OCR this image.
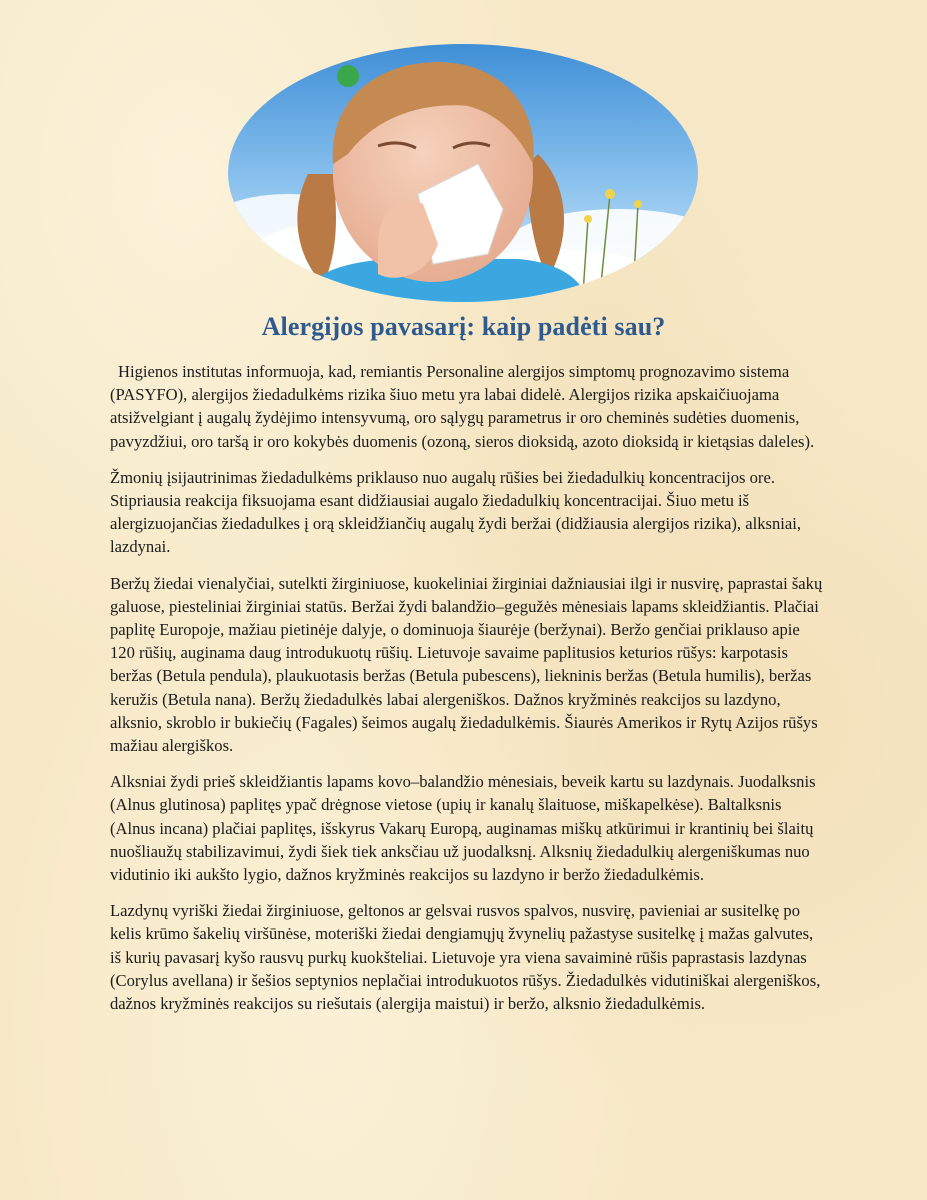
Alergijos pavasarį: kaip padėti sau?

Higienos institutas informuoja, kad, remiantis Personaline alergijos simptomų prognozavimo sistema (PASYFO), alergijos žiedadulkėms rizika šiuo metu yra labai didelė. Alergijos rizika apskaičiuojama atsižvelgiant į augalų žydėjimo intensyvumą, oro sąlygų parametrus ir oro cheminės sudėties duomenis, pavyzdžiui, oro taršą ir oro kokybės duomenis (ozoną, sieros dioksidą, azoto dioksidą ir kietąsias daleles).

Žmonių įsijautrinimas žiedadulkėms priklauso nuo augalų rūšies bei žiedadulkių koncentracijos ore. Stipriausia reakcija fiksuojama esant didžiausiai augalo žiedadulkių koncentracijai. Šiuo metu iš alergizuojančias žiedadulkes į orą skleidžiančių augalų žydi beržai (didžiausia alergijos rizika), alksniai, lazdynai.

Beržų žiedai vienalyčiai, sutelkti žirginiuose, kuokeliniai žirginiai dažniausiai ilgi ir nusvirę, paprastai šakų galuose, piesteliniai žirginiai statūs. Beržai žydi balandžio–gegužės mėnesiais lapams skleidžiantis. Plačiai paplitę Europoje, mažiau pietinėje dalyje, o dominuoja šiaurėje (beržynai). Beržo genčiai priklauso apie 120 rūšių, auginama daug introdukuotų rūšių. Lietuvoje savaime paplitusios keturios rūšys: karpotasis beržas (Betula pendula), plaukuotasis beržas (Betula pubescens), liekninis beržas (Betula humilis), beržas keružis (Betula nana). Beržų žiedadulkės labai alergeniškos. Dažnos kryžminės reakcijos su lazdyno, alksnio, skroblo ir bukiečių (Fagales) šeimos augalų žiedadulkėmis. Šiaurės Amerikos ir Rytų Azijos rūšys mažiau alergiškos.

Alksniai žydi prieš skleidžiantis lapams kovo–balandžio mėnesiais, beveik kartu su lazdynais. Juodalksnis (Alnus glutinosa) paplitęs ypač drėgnose vietose (upių ir kanalų šlaituose, miškapelkėse). Baltalksnis (Alnus incana) plačiai paplitęs, išskyrus Vakarų Europą, auginamas miškų atkūrimui ir krantinių bei šlaitų nuošliaužų stabilizavimui, žydi šiek tiek anksčiau už juodalksnį. Alksnių žiedadulkių alergeniškumas nuo vidutinio iki aukšto lygio, dažnos kryžminės reakcijos su lazdyno ir beržo žiedadulkėmis.

Lazdynų vyriški žiedai žirginiuose, geltonos ar gelsvai rusvos spalvos, nusvirę, pavieniai ar susitelkę po kelis krūmo šakelių viršūnėse, moteriški žiedai dengiamųjų žvynelių pažastyse susitelkę į mažas galvutes, iš kurių pavasarį kyšo rausvų purkų kuokšteliai. Lietuvoje yra viena savaiminė rūšis paprastasis lazdynas (Corylus avellana) ir šešios septynios neplačiai introdukuotos rūšys. Žiedadulkės vidutiniškai alergeniškos, dažnos kryžminės reakcijos su riešutais (alergija maistui) ir beržo, alksnio žiedadulkėmis.
